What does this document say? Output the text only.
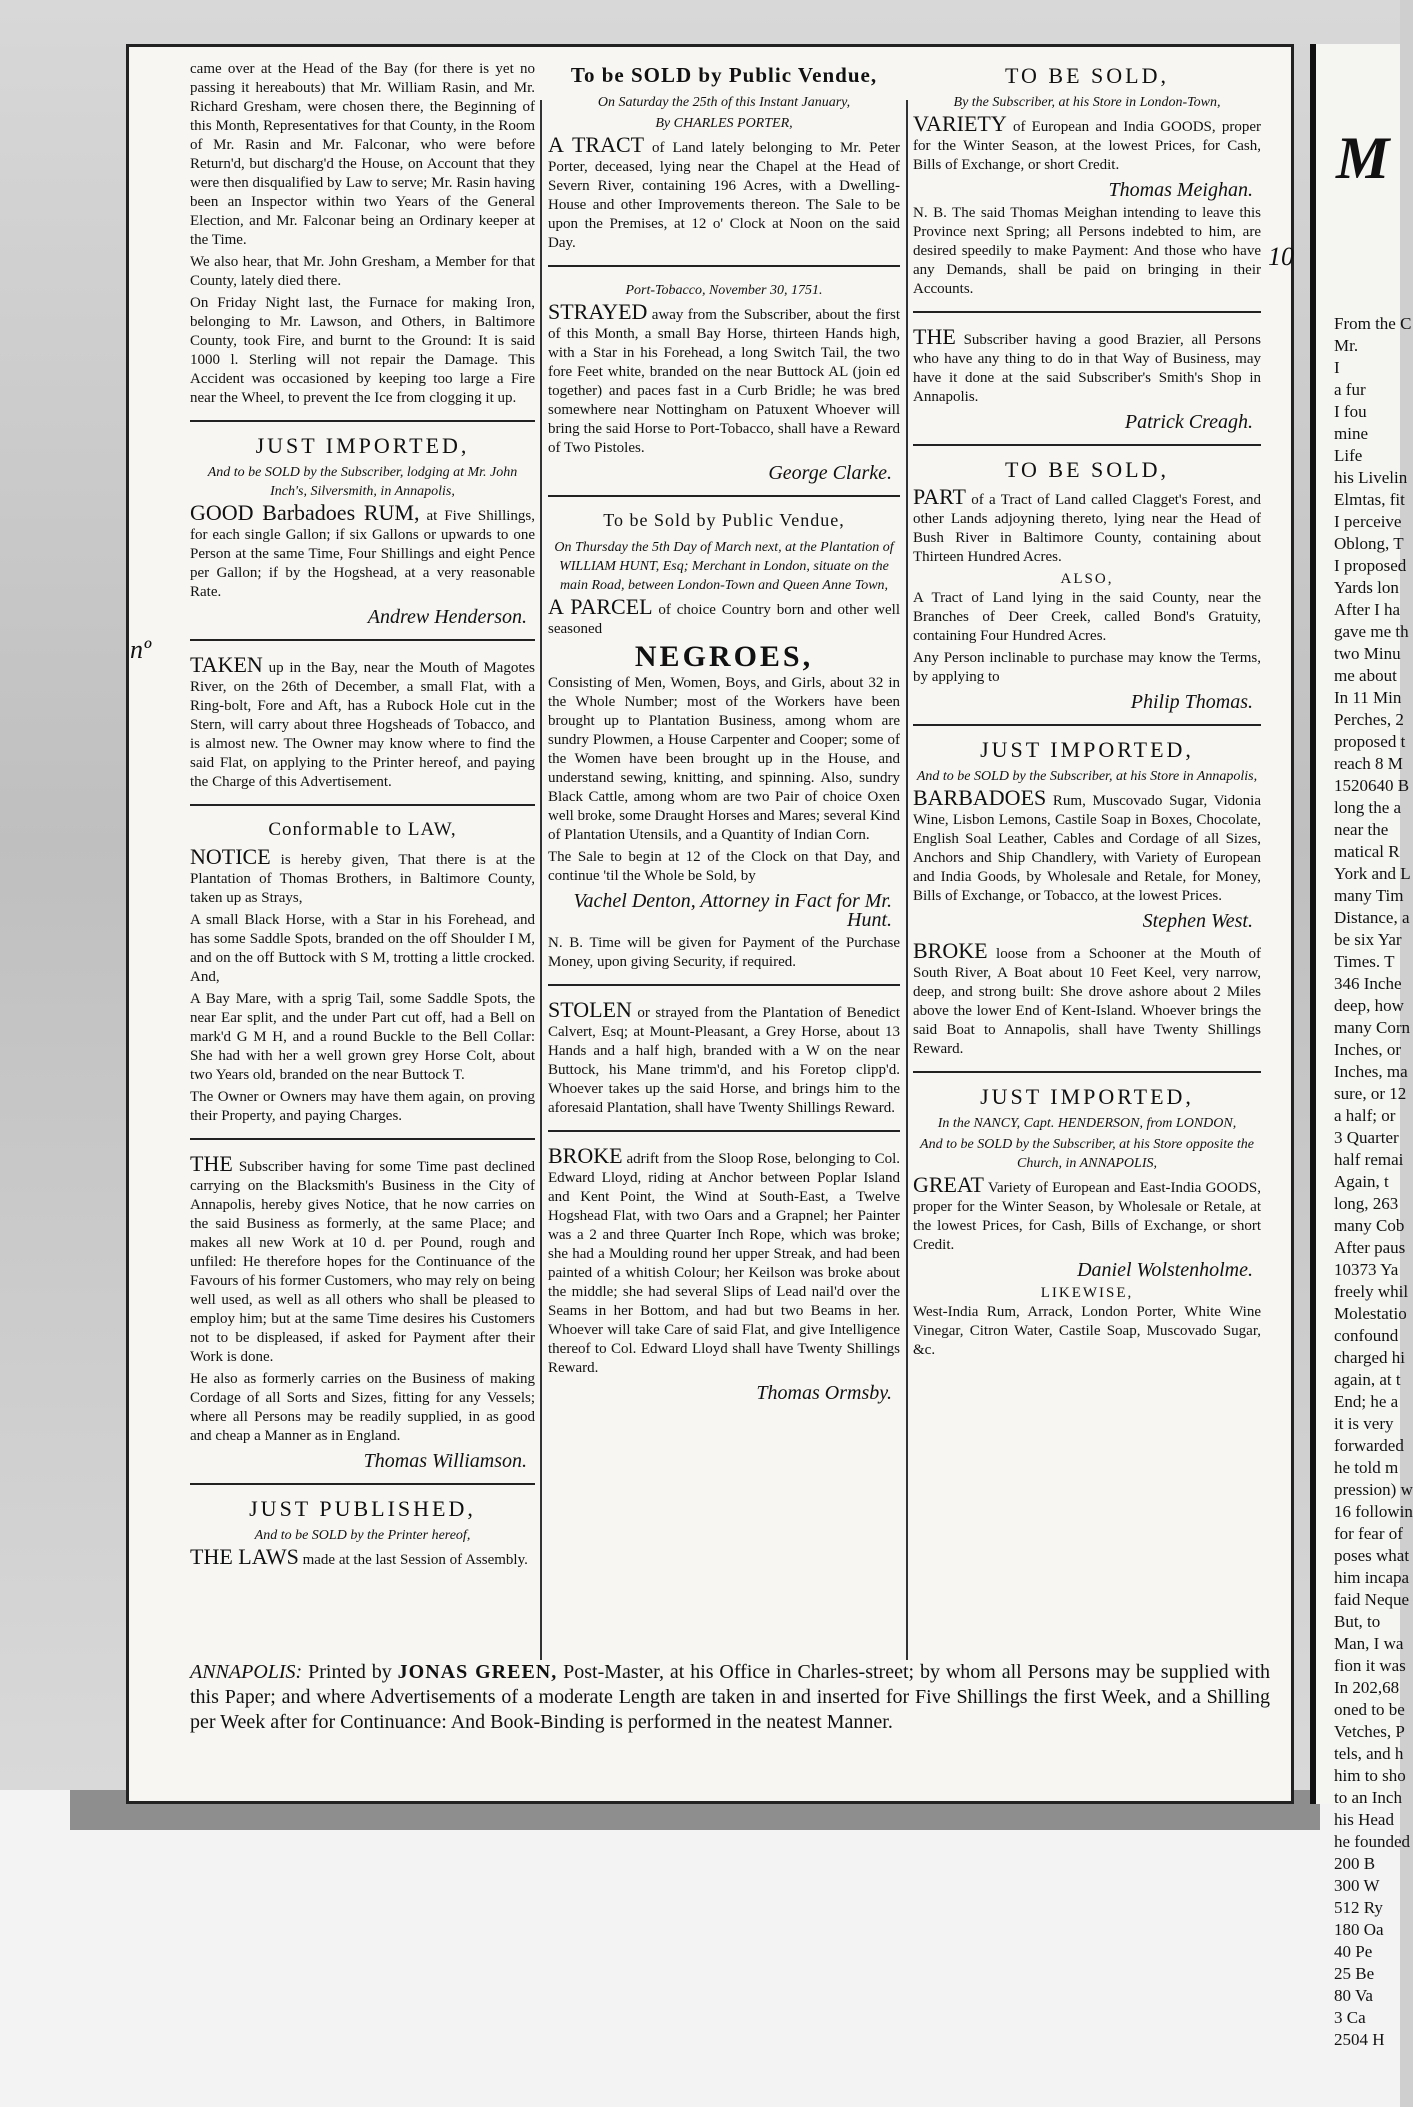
M
From the C
Mr.
I
a fur
I fou
mine
Life
his Livelin
Elmtas, fit
I perceive
Oblong, T
I proposed
Yards lon
After I ha
gave me th
two Minu
me about
In 11 Min
Perches, 2
proposed t
reach 8 M
1520640 B
long the a
near the
matical R
York and L
many Tim
Distance, a
be six Yar
Times. T
346 Inche
deep, how
many Corn
Inches, or
Inches, ma
sure, or 12
a half; or
3 Quarter
half remai
Again, t
long, 263
many Cob
After paus
10373 Ya
freely whil
Molestatio
confound
charged hi
again, at t
End; he a
it is very
forwarded
he told m
pression) w
16 followin
for fear of
poses what
him incapa
faid Neque
But, to
Man, I wa
fion it was
In 202,68
oned to be
Vetches, P
tels, and h
him to sho
to an Inch
his Head
he founded
200 B
300 W
512 Ry
180 Oa
40 Pe
25 Be
80 Va
3 Ca
2504 H
nº
10

came over at the Head of the Bay (for there is yet no passing it hereabouts) that Mr. William Rasin, and Mr. Richard Gresham, were chosen there, the Beginning of this Month, Representatives for that County, in the Room of Mr. Rasin and Mr. Falconar, who were before Return'd, but discharg'd the House, on Account that they were then disqualified by Law to serve; Mr. Rasin having been an Inspector within two Years of the General Election, and Mr. Falconar being an Ordinary keeper at the Time.

We also hear, that Mr. John Gresham, a Member for that County, lately died there.

On Friday Night last, the Furnace for making Iron, belonging to Mr. Lawson, and Others, in Baltimore County, took Fire, and burnt to the Ground: It is said 1000 l. Sterling will not repair the Damage. This Accident was occasioned by keeping too large a Fire near the Wheel, to prevent the Ice from clogging it up.

JUST IMPORTED,
And to be SOLD by the Subscriber, lodging at Mr. John Inch's, Silversmith, in Annapolis,

GOOD Barbadoes RUM, at Five Shillings, for each single Gallon; if six Gallons or upwards to one Person at the same Time, Four Shillings and eight Pence per Gallon; if by the Hogshead, at a very reasonable Rate.

Andrew Henderson.

TAKEN up in the Bay, near the Mouth of Magotes River, on the 26th of December, a small Flat, with a Ring-bolt, Fore and Aft, has a Rubock Hole cut in the Stern, will carry about three Hogsheads of Tobacco, and is almost new. The Owner may know where to find the said Flat, on applying to the Printer hereof, and paying the Charge of this Advertisement.

Conformable to LAW,

NOTICE is hereby given, That there is at the Plantation of Thomas Brothers, in Baltimore County, taken up as Strays,

A small Black Horse, with a Star in his Forehead, and has some Saddle Spots, branded on the off Shoulder I M, and on the off Buttock with S M, trotting a little crocked. And,

A Bay Mare, with a sprig Tail, some Saddle Spots, the near Ear split, and the under Part cut off, had a Bell on mark'd G M H, and a round Buckle to the Bell Collar: She had with her a well grown grey Horse Colt, about two Years old, branded on the near Buttock T.

The Owner or Owners may have them again, on proving their Property, and paying Charges.

THE Subscriber having for some Time past declined carrying on the Blacksmith's Business in the City of Annapolis, hereby gives Notice, that he now carries on the said Business as formerly, at the same Place; and makes all new Work at 10 d. per Pound, rough and unfiled: He therefore hopes for the Continuance of the Favours of his former Customers, who may rely on being well used, as well as all others who shall be pleased to employ him; but at the same Time desires his Customers not to be displeased, if asked for Payment after their Work is done.

He also as formerly carries on the Business of making Cordage of all Sorts and Sizes, fitting for any Vessels; where all Persons may be readily supplied, in as good and cheap a Manner as in England.

Thomas Williamson.
JUST PUBLISHED,
And to be SOLD by the Printer hereof,

THE LAWS made at the last Session of Assembly.

To be SOLD by Public Vendue,
On Saturday the 25th of this Instant January,
By CHARLES PORTER,

A TRACT of Land lately belonging to Mr. Peter Porter, deceased, lying near the Chapel at the Head of Severn River, containing 196 Acres, with a Dwelling-House and other Improvements thereon. The Sale to be upon the Premises, at 12 o' Clock at Noon on the said Day.

Port-Tobacco, November 30, 1751.

STRAYED away from the Subscriber, about the first of this Month, a small Bay Horse, thirteen Hands high, with a Star in his Forehead, a long Switch Tail, the two fore Feet white, branded on the near Buttock AL (join ed together) and paces fast in a Curb Bridle; he was bred somewhere near Nottingham on Patuxent Whoever will bring the said Horse to Port-Tobacco, shall have a Reward of Two Pistoles.

George Clarke.
To be Sold by Public Vendue,
On Thursday the 5th Day of March next, at the Plantation of WILLIAM HUNT, Esq; Merchant in London, situate on the main Road, between London-Town and Queen Anne Town,

A PARCEL of choice Country born and other well seasoned

NEGROES,

Consisting of Men, Women, Boys, and Girls, about 32 in the Whole Number; most of the Workers have been brought up to Plantation Business, among whom are sundry Plowmen, a House Carpenter and Cooper; some of the Women have been brought up in the House, and understand sewing, knitting, and spinning. Also, sundry Black Cattle, among whom are two Pair of choice Oxen well broke, some Draught Horses and Mares; several Kind of Plantation Utensils, and a Quantity of Indian Corn.

The Sale to begin at 12 of the Clock on that Day, and continue 'til the Whole be Sold, by

Vachel Denton, Attorney in Fact for Mr. Hunt.

N. B. Time will be given for Payment of the Purchase Money, upon giving Security, if required.

STOLEN or strayed from the Plantation of Benedict Calvert, Esq; at Mount-Pleasant, a Grey Horse, about 13 Hands and a half high, branded with a W on the near Buttock, his Mane trimm'd, and his Foretop clipp'd. Whoever takes up the said Horse, and brings him to the aforesaid Plantation, shall have Twenty Shillings Reward.

BROKE adrift from the Sloop Rose, belonging to Col. Edward Lloyd, riding at Anchor between Poplar Island and Kent Point, the Wind at South-East, a Twelve Hogshead Flat, with two Oars and a Grapnel; her Painter was a 2 and three Quarter Inch Rope, which was broke; she had a Moulding round her upper Streak, and had been painted of a whitish Colour; her Keilson was broke about the middle; she had several Slips of Lead nail'd over the Seams in her Bottom, and had but two Beams in her. Whoever will take Care of said Flat, and give Intelligence thereof to Col. Edward Lloyd shall have Twenty Shillings Reward.

Thomas Ormsby.
TO BE SOLD,
By the Subscriber, at his Store in London-Town,

VARIETY of European and India GOODS, proper for the Winter Season, at the lowest Prices, for Cash, Bills of Exchange, or short Credit.

Thomas Meighan.

N. B. The said Thomas Meighan intending to leave this Province next Spring; all Persons indebted to him, are desired speedily to make Payment: And those who have any Demands, shall be paid on bringing in their Accounts.

THE Subscriber having a good Brazier, all Persons who have any thing to do in that Way of Business, may have it done at the said Subscriber's Smith's Shop in Annapolis.

Patrick Creagh.
TO BE SOLD,

PART of a Tract of Land called Clagget's Forest, and other Lands adjoyning thereto, lying near the Head of Bush River in Baltimore County, containing about Thirteen Hundred Acres.

ALSO,

A Tract of Land lying in the said County, near the Branches of Deer Creek, called Bond's Gratuity, containing Four Hundred Acres.

Any Person inclinable to purchase may know the Terms, by applying to

Philip Thomas.
JUST IMPORTED,
And to be SOLD by the Subscriber, at his Store in Annapolis,

BARBADOES Rum, Muscovado Sugar, Vidonia Wine, Lisbon Lemons, Castile Soap in Boxes, Chocolate, English Soal Leather, Cables and Cordage of all Sizes, Anchors and Ship Chandlery, with Variety of European and India Goods, by Wholesale and Retale, for Money, Bills of Exchange, or Tobacco, at the lowest Prices.

Stephen West.

BROKE loose from a Schooner at the Mouth of South River, A Boat about 10 Feet Keel, very narrow, deep, and strong built: She drove ashore about 2 Miles above the lower End of Kent-Island. Whoever brings the said Boat to Annapolis, shall have Twenty Shillings Reward.

JUST IMPORTED,
In the NANCY, Capt. HENDERSON, from LONDON,
And to be SOLD by the Subscriber, at his Store opposite the Church, in ANNAPOLIS,

GREAT Variety of European and East-India GOODS, proper for the Winter Season, by Wholesale or Retale, at the lowest Prices, for Cash, Bills of Exchange, or short Credit.

Daniel Wolstenholme.
LIKEWISE,

West-India Rum, Arrack, London Porter, White Wine Vinegar, Citron Water, Castile Soap, Muscovado Sugar, &c.

ANNAPOLIS: Printed by JONAS GREEN, Post-Master, at his Office in Charles-street; by whom all Persons may be supplied with this Paper; and where Advertisements of a moderate Length are taken in and inserted for Five Shillings the first Week, and a Shilling per Week after for Continuance: And Book-Binding is performed in the neatest Manner.
